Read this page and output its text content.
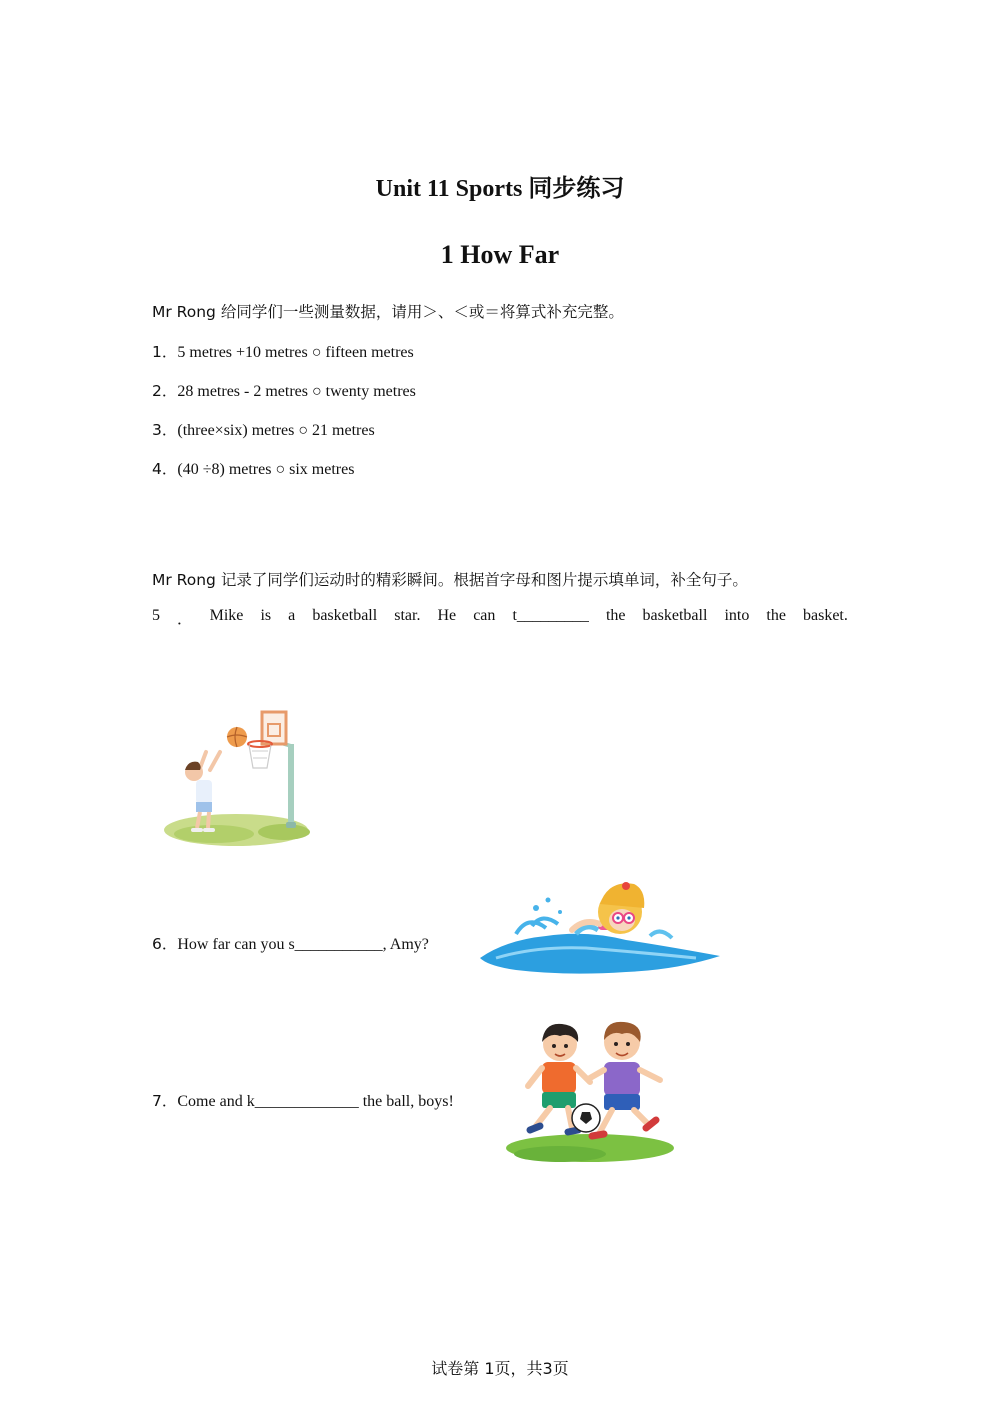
Unit 11 Sports 同步练习
1 How Far
Mr Rong 给同学们一些测量数据，请用＞、＜或＝将算式补充完整。
1．5 metres +10 metres ○ fifteen metres
2．28 metres - 2 metres ○ twenty metres
3．(three×six) metres ○ 21 metres
4．(40 ÷8) metres ○ six metres
Mr Rong 记录了同学们运动时的精彩瞬间。根据首字母和图片提示填单词，补全句子。
5 ． Mike is a basketball star. He can t_________ the basketball into the basket.
6．How far can you s___________, Amy?
7．Come and k_____________ the ball, boys!
试卷第 1页，共3页
